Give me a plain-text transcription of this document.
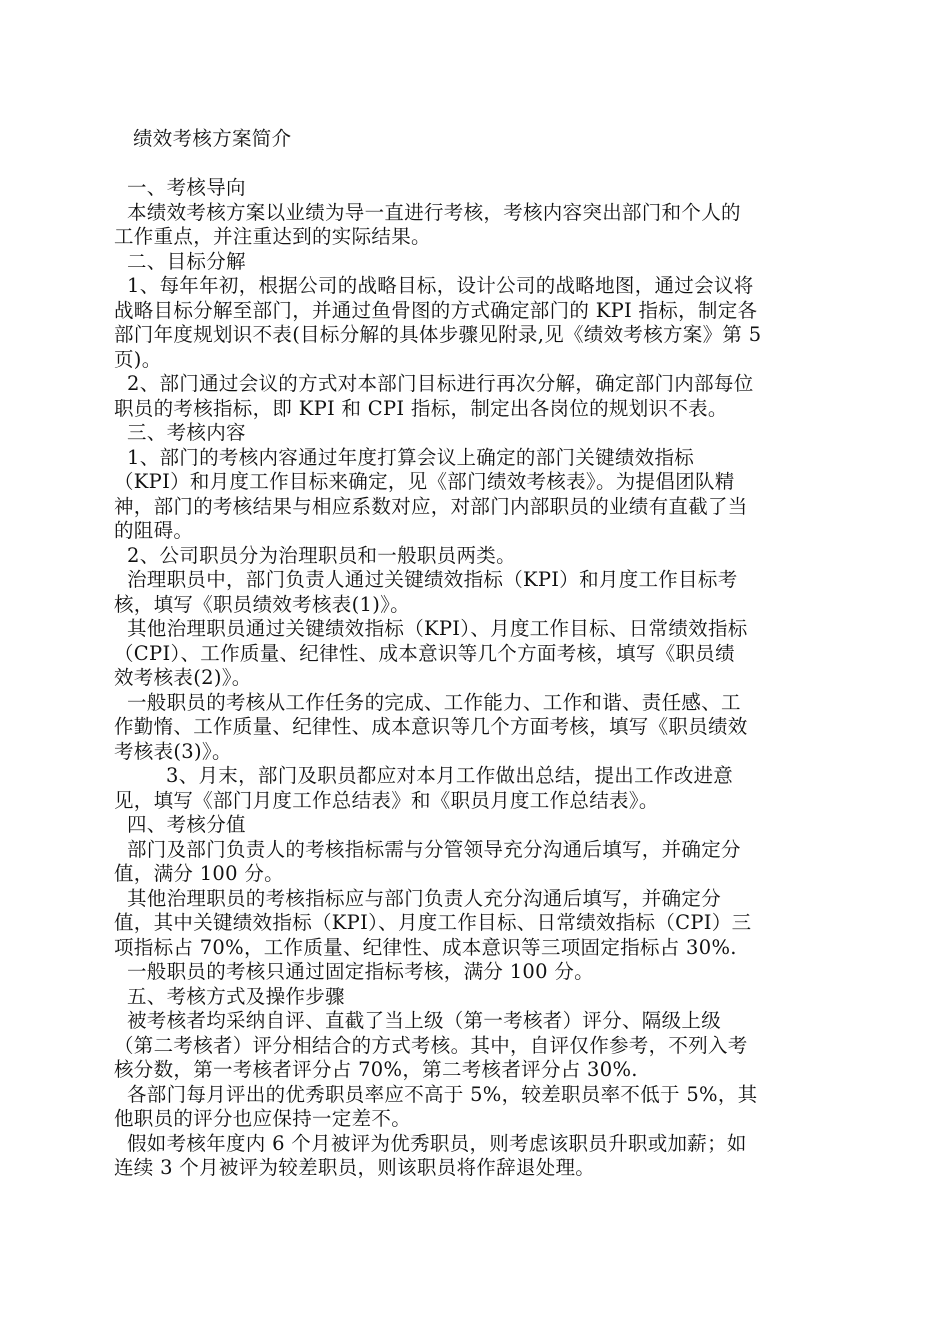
绩效考核方案简介
一、考核导向
本绩效考核方案以业绩为导一直进行考核，考核内容突出部门和个人的
工作重点，并注重达到的实际结果。
二、目标分解
1、每年年初，根据公司的战略目标，设计公司的战略地图，通过会议将
战略目标分解至部门，并通过鱼骨图的方式确定部门的 KPI 指标，制定各
部门年度规划识不表(目标分解的具体步骤见附录,见《绩效考核方案》第 5
页)。
2、部门通过会议的方式对本部门目标进行再次分解，确定部门内部每位
职员的考核指标，即 KPI 和 CPI 指标，制定出各岗位的规划识不表。
三、考核内容
1、部门的考核内容通过年度打算会议上确定的部门关键绩效指标
（KPI）和月度工作目标来确定，见《部门绩效考核表》。为提倡团队精
神，部门的考核结果与相应系数对应，对部门内部职员的业绩有直截了当
的阻碍。
2、公司职员分为治理职员和一般职员两类。
治理职员中，部门负责人通过关键绩效指标（KPI）和月度工作目标考
核，填写《职员绩效考核表(1)》。
其他治理职员通过关键绩效指标（KPI）、月度工作目标、日常绩效指标
（CPI）、工作质量、纪律性、成本意识等几个方面考核，填写《职员绩
效考核表(2)》。
一般职员的考核从工作任务的完成、工作能力、工作和谐、责任感、工
作勤惰、工作质量、纪律性、成本意识等几个方面考核，填写《职员绩效
考核表(3)》。
3、月末，部门及职员都应对本月工作做出总结，提出工作改进意
见，填写《部门月度工作总结表》和《职员月度工作总结表》。
四、考核分值
部门及部门负责人的考核指标需与分管领导充分沟通后填写，并确定分
值，满分 100 分。
其他治理职员的考核指标应与部门负责人充分沟通后填写，并确定分
值，其中关键绩效指标（KPI）、月度工作目标、日常绩效指标（CPI）三
项指标占 70%，工作质量、纪律性、成本意识等三项固定指标占 30%.
一般职员的考核只通过固定指标考核，满分 100 分。
五、考核方式及操作步骤
被考核者均采纳自评、直截了当上级（第一考核者）评分、隔级上级
（第二考核者）评分相结合的方式考核。其中，自评仅作参考，不列入考
核分数，第一考核者评分占 70%，第二考核者评分占 30%.
各部门每月评出的优秀职员率应不高于 5%，较差职员率不低于 5%，其
他职员的评分也应保持一定差不。
假如考核年度内 6 个月被评为优秀职员，则考虑该职员升职或加薪；如
连续 3 个月被评为较差职员，则该职员将作辞退处理。
